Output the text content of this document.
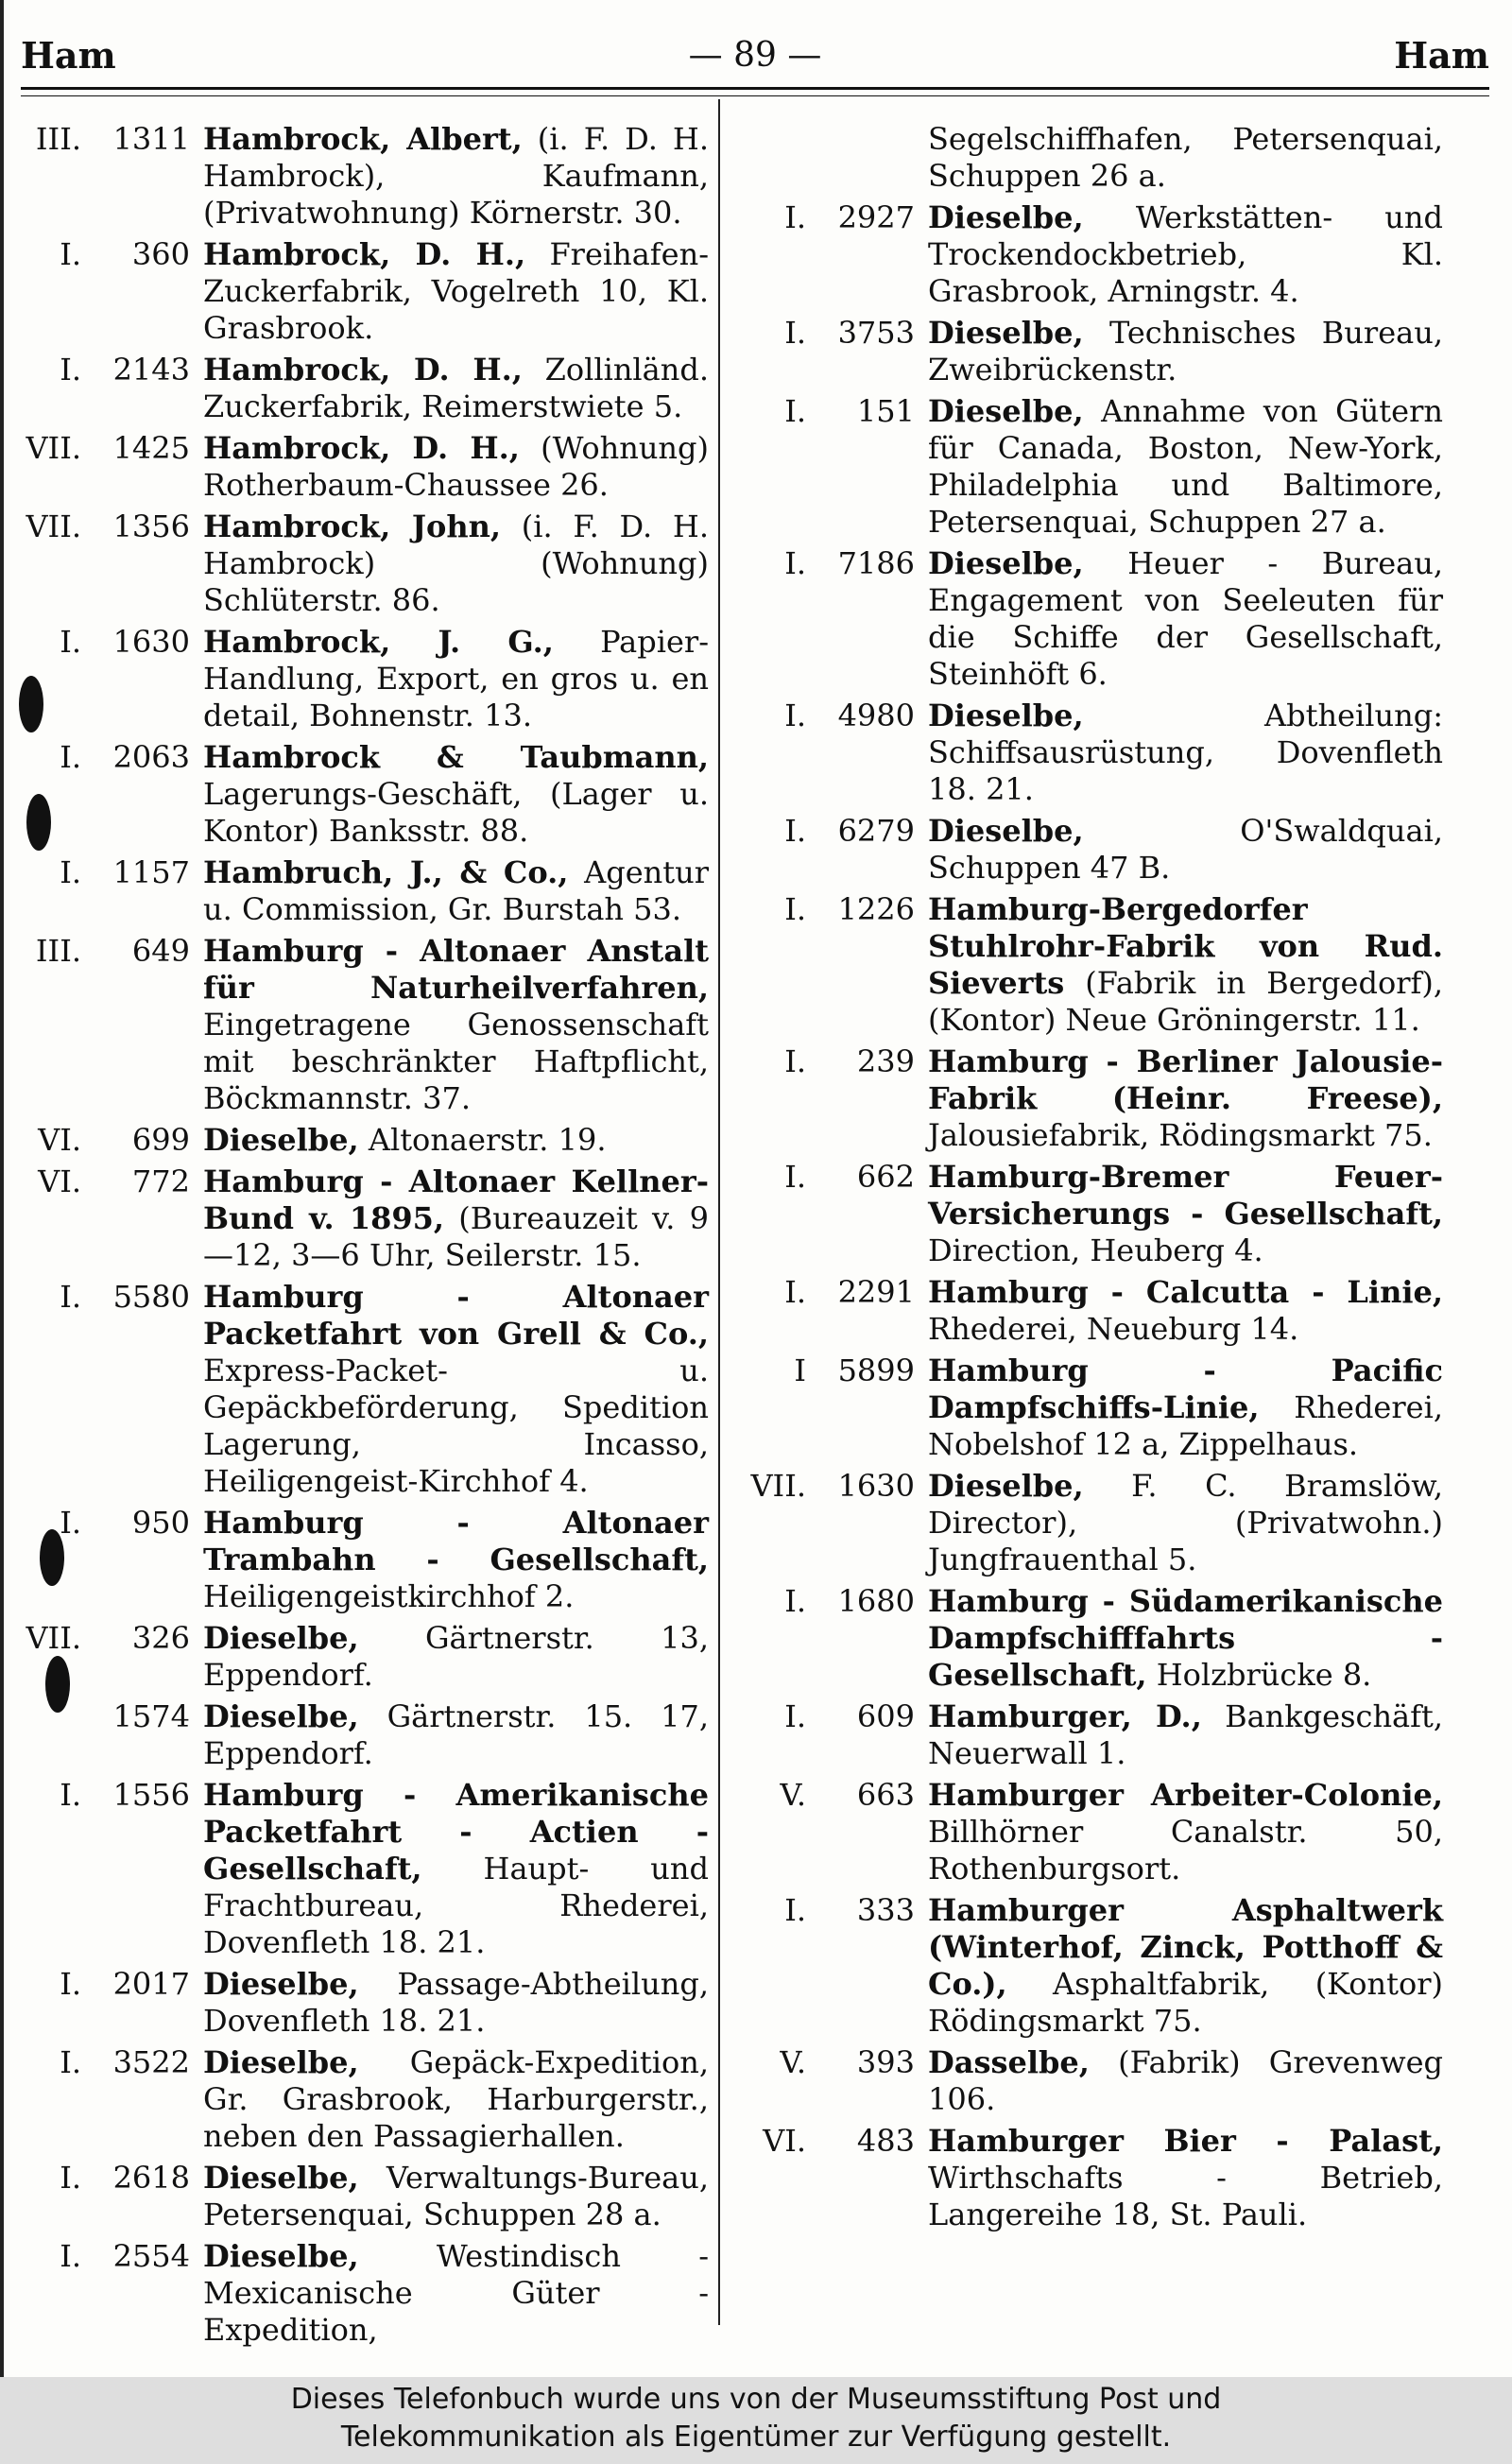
Ham	— 89 —	Ham
III.	1311 Hambrock, Albert, (i. F. D. H. Hambrock), Kaufmann, (Privatwohnung) Körnerstr. 30.
I.	360 Hambrock, D. H., Freihafen-Zuckerfabrik, Vogelreth 10, Kl. Grasbrook.
I.	2143 Hambrock, D. H., Zollinländ. Zuckerfabrik, Reimerstwiete 5.
VII.	1425 Hambrock, D. H., (Wohnung) Rotherbaum-Chaussee 26.
VII.	1356 Hambrock, John, (i. F. D. H. Hambrock) (Wohnung) Schlüterstr. 86.
I.	1630 Hambrock, J. G., Papier-Handlung, Export, en gros u. en detail, Bohnenstr. 13.
I.	2063 Hambrock & Taubmann, Lagerungs-Geschäft, (Lager u. Kontor) Banksstr. 88.
I.	1157 Hambruch, J., & Co., Agentur u. Commission, Gr. Burstah 53.
III.	649 Hamburg - Altonaer Anstalt für Naturheilverfahren, Eingetragene Genossenschaft mit beschränkter Haftpflicht, Böckmannstr. 37.
VI.	699 Dieselbe, Altonaerstr. 19.
VI.	772 Hamburg - Altonaer Kellner-Bund v. 1895, (Bureauzeit v. 9—12, 3—6 Uhr, Seilerstr. 15.
I.	5580 Hamburg - Altonaer Packetfahrt von Grell & Co., Express-Packet- u. Gepäckbeförderung, Spedition Lagerung, Incasso, Heiligengeist-Kirchhof 4.
I.	950 Hamburg - Altonaer Trambahn - Gesellschaft, Heiligengeistkirchhof 2.
VII.	326 Dieselbe, Gärtnerstr. 13, Eppendorf.
1574 Dieselbe, Gärtnerstr. 15. 17, Eppendorf.
I.	1556 Hamburg - Amerikanische Packetfahrt - Actien - Gesellschaft, Haupt- und Frachtbureau, Rhederei, Dovenfleth 18. 21.
I.	2017 Dieselbe, Passage-Abtheilung, Dovenfleth 18. 21.
I.	3522 Dieselbe, Gepäck-Expedition, Gr. Grasbrook, Harburgerstr., neben den Passagierhallen.
I.	2618 Dieselbe, Verwaltungs-Bureau, Petersenquai, Schuppen 28 a.
I.	2554 Dieselbe, Westindisch - Mexicanische Güter - Expedition,
Segelschiffhafen, Petersenquai, Schuppen 26 a.
I.	2927 Dieselbe, Werkstätten- und Trockendockbetrieb, Kl. Grasbrook, Arningstr. 4.
I.	3753 Dieselbe, Technisches Bureau, Zweibrückenstr.
I.	151 Dieselbe, Annahme von Gütern für Canada, Boston, New-York, Philadelphia und Baltimore, Petersenquai, Schuppen 27 a.
I.	7186 Dieselbe, Heuer - Bureau, Engagement von Seeleuten für die Schiffe der Gesellschaft, Steinhöft 6.
I.	4980 Dieselbe, Abtheilung: Schiffsausrüstung, Dovenfleth 18. 21.
I.	6279 Dieselbe, O'Swaldquai, Schuppen 47 B.
I.	1226 Hamburg-Bergedorfer Stuhlrohr-Fabrik von Rud. Sieverts (Fabrik in Bergedorf), (Kontor) Neue Gröningerstr. 11.
I.	239 Hamburg - Berliner Jalousie-Fabrik (Heinr. Freese), Jalousiefabrik, Rödingsmarkt 75.
I.	662 Hamburg-Bremer Feuer-Versicherungs - Gesellschaft, Direction, Heuberg 4.
I.	2291 Hamburg - Calcutta - Linie, Rhederei, Neueburg 14.
I	5899 Hamburg - Pacific Dampfschiffs-Linie, Rhederei, Nobelshof 12 a, Zippelhaus.
VII.	1630 Dieselbe, F. C. Bramslöw, Director), (Privatwohn.) Jungfrauenthal 5.
I.	1680 Hamburg - Südamerikanische Dampfschifffahrts - Gesellschaft, Holzbrücke 8.
I.	609 Hamburger, D., Bankgeschäft, Neuerwall 1.
V.	663 Hamburger Arbeiter-Colonie, Billhörner Canalstr. 50, Rothenburgsort.
I.	333 Hamburger Asphaltwerk (Winterhof, Zinck, Potthoff & Co.), Asphaltfabrik, (Kontor) Rödingsmarkt 75.
V.	393 Dasselbe, (Fabrik) Grevenweg 106.
VI.	483 Hamburger Bier - Palast, Wirthschafts - Betrieb, Langereihe 18, St. Pauli.
Dieses Telefonbuch wurde uns von der Museumsstiftung Post und
Telekommunikation als Eigentümer zur Verfügung gestellt.
